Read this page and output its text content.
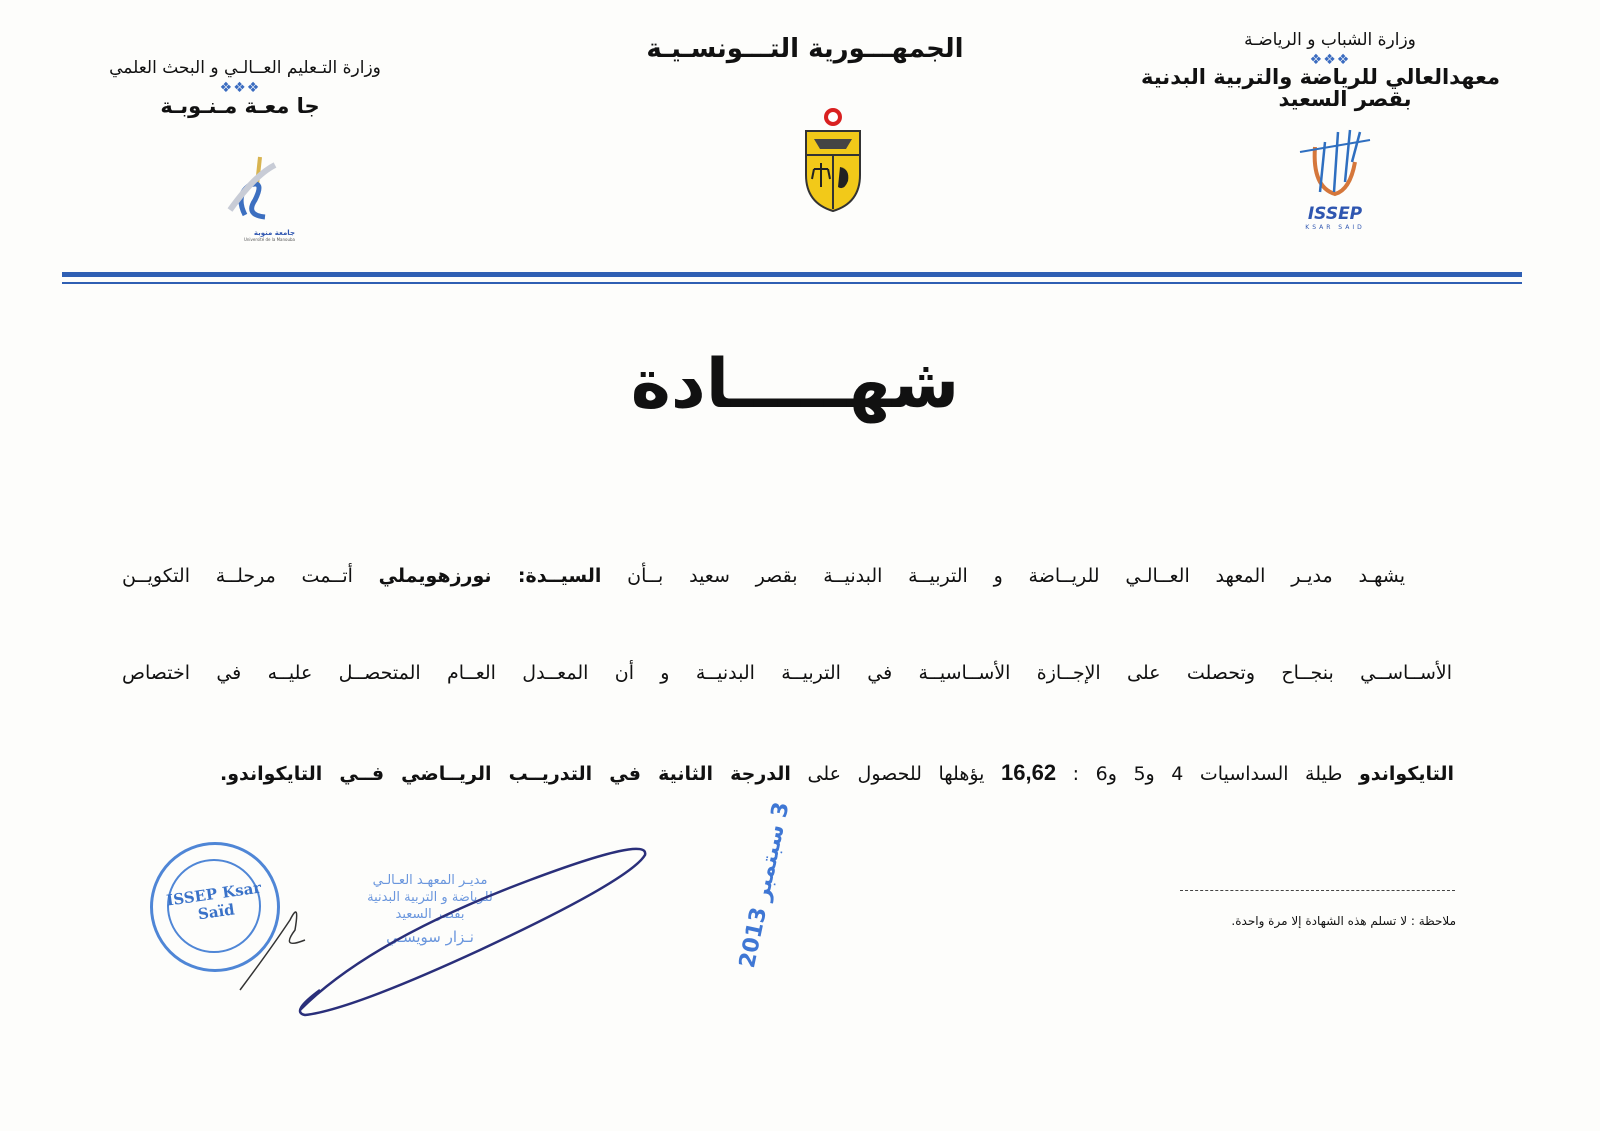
وزارة الشباب و الرياضـة
❖❖❖
معهدالعالي للرياضة والتربية البدنية
بقصر السعيد
ISSEP
KSAR SAID
الجمهـــورية التـــونسـيـة
وزارة التـعليم العــالـي و البحث العلمي
❖❖❖
جا معـة مـنـوبـة
جامعة منوبة
Université de la Manouba
شهـــــادة
يشهـد مديـر المعهد العــالـي للريــاضة و التربيــة البدنيــة بقصر سعيد بــأن السيــدة: نورزهويملي أتــمت مرحلــة التكويــن
الأســاســي بنجــاح وتحصلت على الإجــازة الأســاسيــة في التربيــة البدنيــة و أن المعــدل العــام المتحصــل عليــه في اختصاص
التايكواندو طيلة السداسيات 4 و5 و6 : 16,62 يؤهلها للحصول على الدرجة الثانية في التدريــب الريــاضي فــي التايكواندو.
ISSEP Ksar Saïd
مديـر المعهـد العـالـي
للرياضة و التربية البدنية
بقصر السعيد
نـزار سويسـي	3 سبتمبر 2013
ملاحظة : لا تسلم هذه الشهادة إلا مرة واحدة.
